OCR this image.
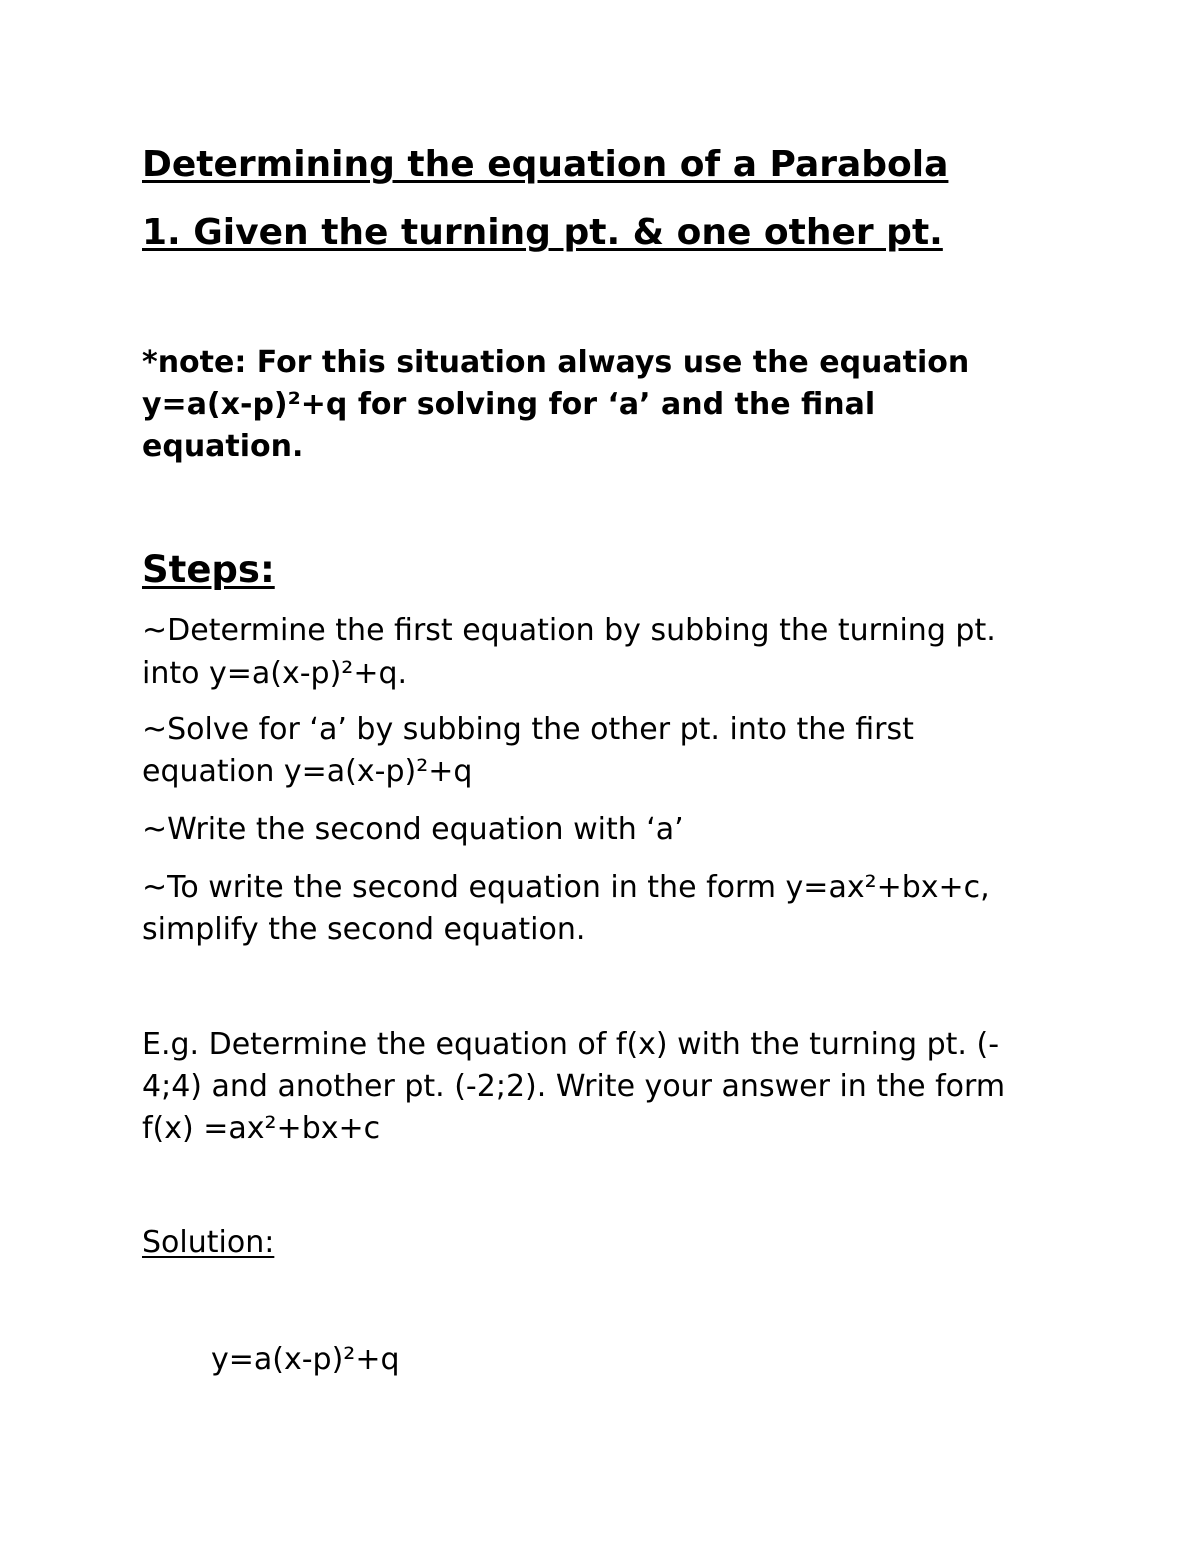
Determining the equation of a Parabola
1. Given the turning pt. & one other pt.
*note: For this situation always use the equation
y=a(x-p)²+q for solving for ‘a’ and the final
equation.
Steps:
~Determine the first equation by subbing the turning pt.
into y=a(x-p)²+q.
~Solve for ‘a’ by subbing the other pt. into the first
equation y=a(x-p)²+q
~Write the second equation with ‘a’
~To write the second equation in the form y=ax²+bx+c,
simplify the second equation.
E.g. Determine the equation of f(x) with the turning pt. (-
4;4) and another pt. (-2;2). Write your answer in the form
f(x) =ax²+bx+c
Solution:
y=a(x-p)²+q
